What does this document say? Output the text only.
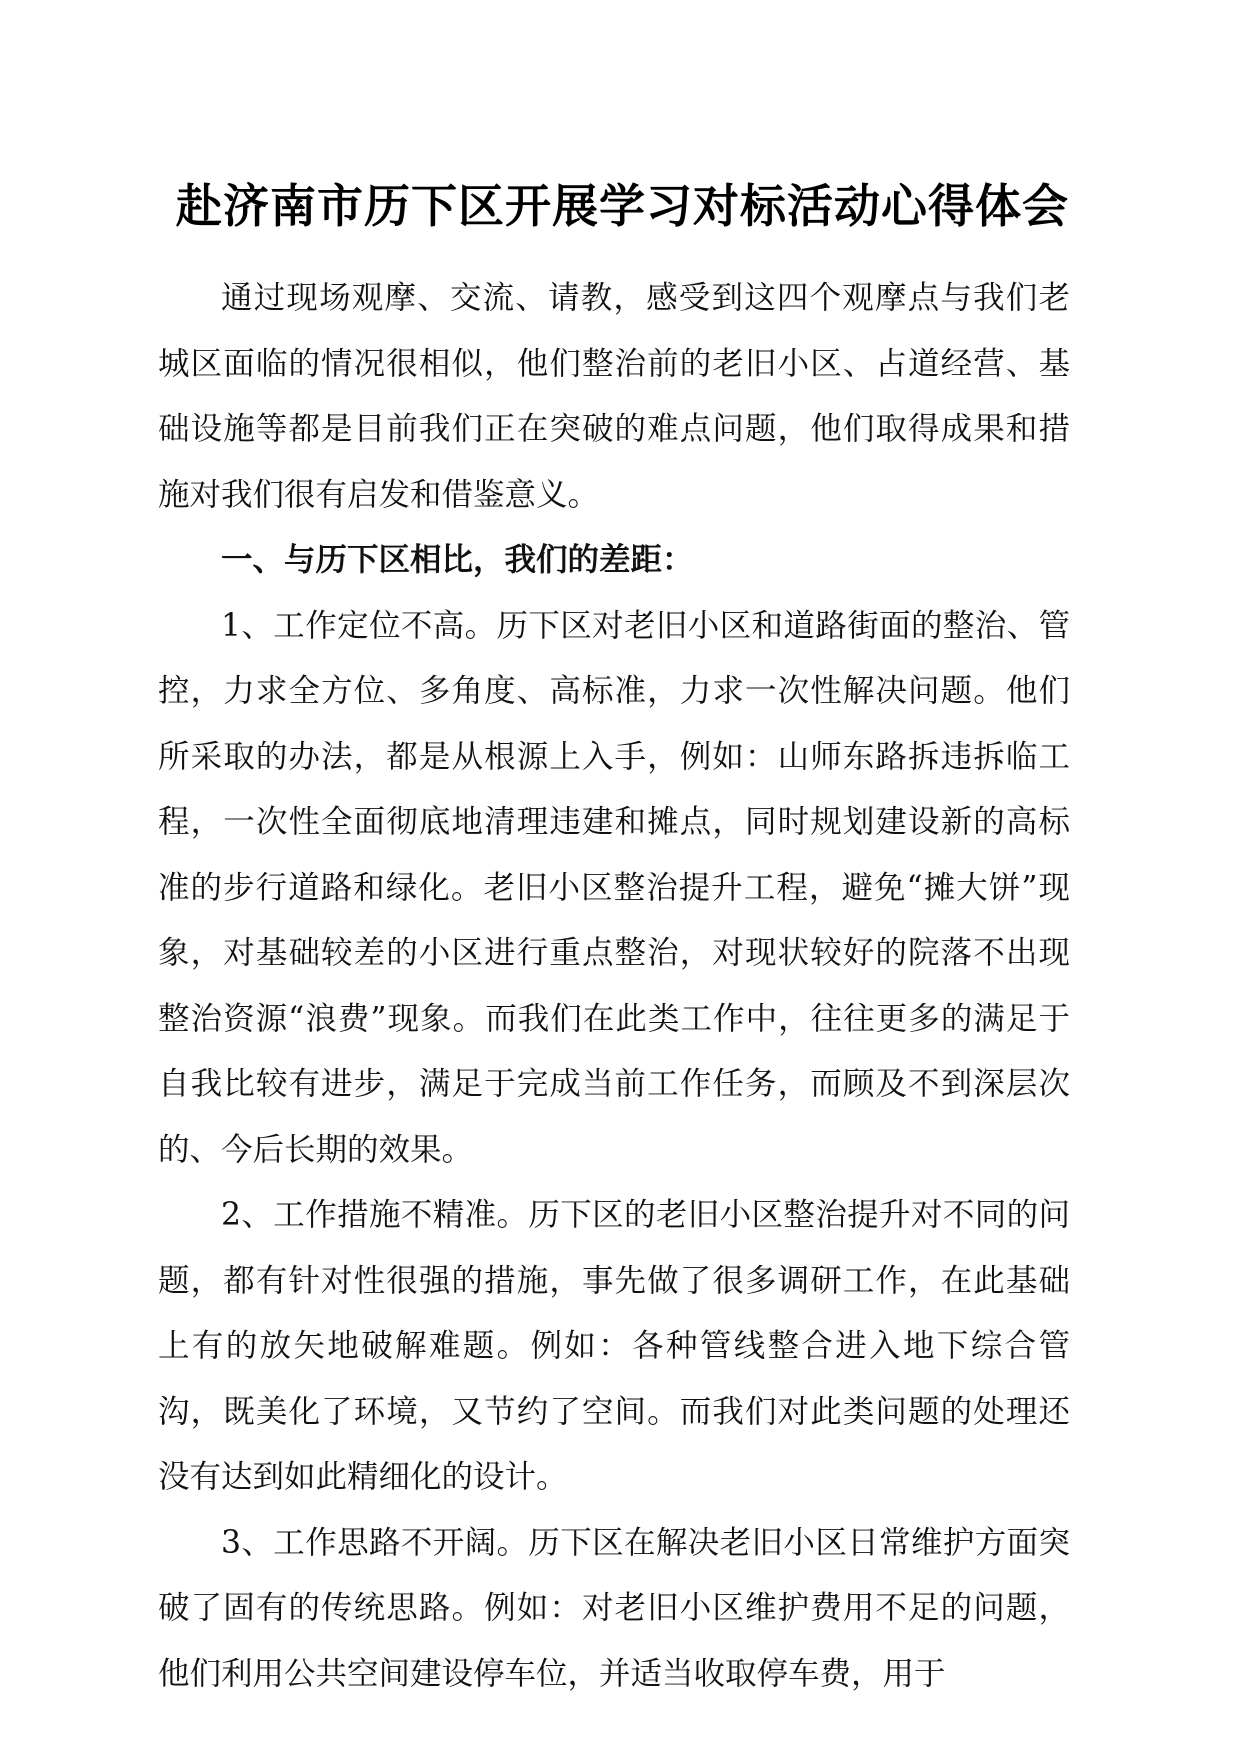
赴济南市历下区开展学习对标活动心得体会

通过现场观摩、交流、请教，感受到这四个观摩点与我们老城区面临的情况很相似，他们整治前的老旧小区、占道经营、基础设施等都是目前我们正在突破的难点问题，他们取得成果和措施对我们很有启发和借鉴意义。

一、与历下区相比，我们的差距：

1、工作定位不高。历下区对老旧小区和道路街面的整治、管控，力求全方位、多角度、高标准，力求一次性解决问题。他们所采取的办法，都是从根源上入手，例如：山师东路拆违拆临工程，一次性全面彻底地清理违建和摊点，同时规划建设新的高标准的步行道路和绿化。老旧小区整治提升工程，避免“摊大饼”现象，对基础较差的小区进行重点整治，对现状较好的院落不出现整治资源“浪费”现象。而我们在此类工作中，往往更多的满足于自我比较有进步，满足于完成当前工作任务，而顾及不到深层次的、今后长期的效果。

2、工作措施不精准。历下区的老旧小区整治提升对不同的问题，都有针对性很强的措施，事先做了很多调研工作，在此基础上有的放矢地破解难题。例如：各种管线整合进入地下综合管沟，既美化了环境，又节约了空间。而我们对此类问题的处理还没有达到如此精细化的设计。

3、工作思路不开阔。历下区在解决老旧小区日常维护方面突破了固有的传统思路。例如：对老旧小区维护费用不足的问题，他们利用公共空间建设停车位，并适当收取停车费，用于
